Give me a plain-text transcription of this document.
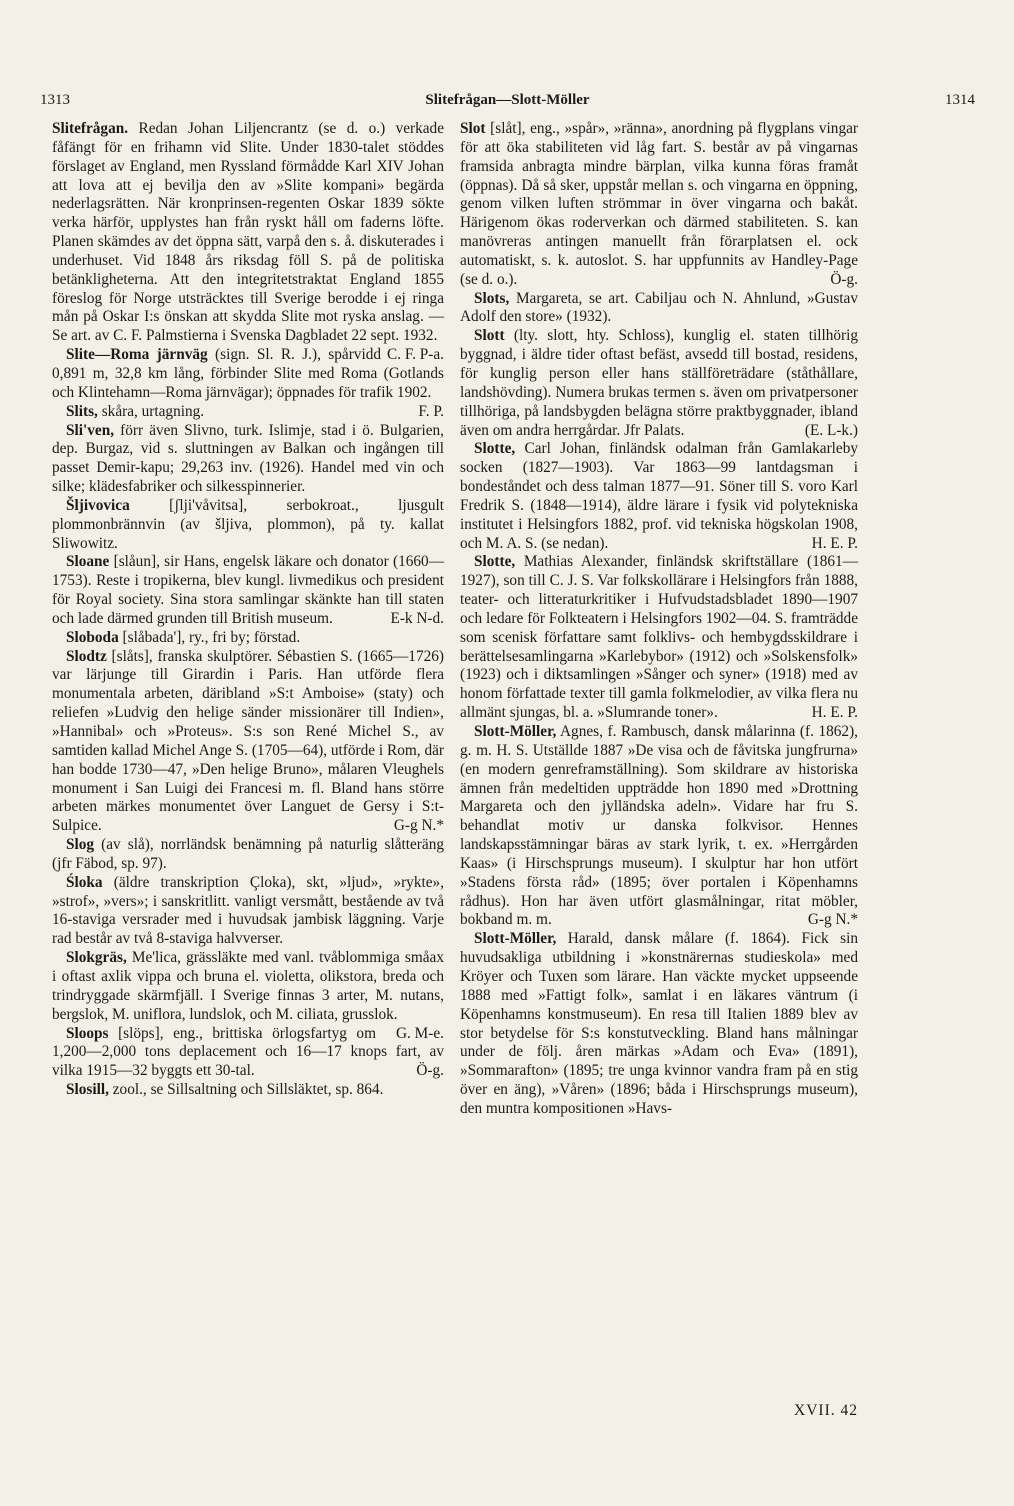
1313	Slitefrågan—Slott-Möller	1314

Slitefrågan. Redan Johan Liljencrantz (se d. o.) verkade fåfängt för en frihamn vid Slite. Under 1830-talet stöddes förslaget av England, men Ryssland förmådde Karl XIV Johan att lova att ej bevilja den av »Slite kompani» begärda nederlagsrätten. När kronprinsen-regenten Oskar 1839 sökte verka härför, upplystes han från ryskt håll om faderns löfte. Planen skämdes av det öppna sätt, varpå den s. å. diskuterades i underhuset. Vid 1848 års riksdag föll S. på de politiska betänkligheterna. Att den integritetstraktat England 1855 föreslog för Norge utsträcktes till Sverige berodde i ej ringa mån på Oskar I:s önskan att skydda Slite mot ryska anslag. — Se art. av C. F. Palmstierna i Svenska Dagbladet 22 sept. 1932.
C. F. P-a.

Slite—Roma järnväg (sign. Sl. R. J.), spårvidd 0,891 m, 32,8 km lång, förbinder Slite med Roma (Gotlands och Klintehamn—Roma järnvägar); öppnades för trafik 1902.
F. P.

Slits, skåra, urtagning.

Sli'ven, förr även Slivno, turk. Islimje, stad i ö. Bulgarien, dep. Burgaz, vid s. sluttningen av Balkan och ingången till passet Demir-kapu; 29,263 inv. (1926). Handel med vin och silke; klädesfabriker och silkesspinnerier.

Šljivovica [ʃlji'våvitsa], serbokroat., ljusgult plommonbrännvin (av šljiva, plommon), på ty. kallat Sliwowitz.

Sloane [slåun], sir Hans, engelsk läkare och donator (1660—1753). Reste i tropikerna, blev kungl. livmedikus och president för Royal society. Sina stora samlingar skänkte han till staten och lade därmed grunden till British museum.	E-k N-d.

Sloboda [slåbada'], ry., fri by; förstad.

Slodtz [slåts], franska skulptörer. Sébastien S. (1665—1726) var lärjunge till Girardin i Paris. Han utförde flera monumentala arbeten, däribland »S:t Amboise» (staty) och reliefen »Ludvig den helige sänder missionärer till Indien», »Hannibal» och »Proteus». S:s son René Michel S., av samtiden kallad Michel Ange S. (1705—64), utförde i Rom, där han bodde 1730—47, »Den helige Bruno», målaren Vleughels monument i San Luigi dei Francesi m. fl. Bland hans större arbeten märkes monumentet över Languet de Gersy i S:t-Sulpice.	G-g N.*

Slog (av slå), norrländsk benämning på naturlig slåtteräng (jfr Fäbod, sp. 97).

Śloka (äldre transkription Çloka), skt, »ljud», »rykte», »strof», »vers»; i sanskritlitt. vanligt versmått, bestående av två 16-staviga versrader med i huvudsak jambisk läggning. Varje rad består av två 8-staviga halvverser.

Slokgräs, Me'lica, grässläkte med vanl. tvåblommiga småax i oftast axlik vippa och bruna el. violetta, olikstora, breda och trindryggade skärmfjäll. I Sverige finnas 3 arter, M. nutans, bergslok, M. uniflora, lundslok, och M. ciliata, grusslok.
G. M-e.

Sloops [slöps], eng., brittiska örlogsfartyg om 1,200—2,000 tons deplacement och 16—17 knops fart, av vilka 1915—32 byggts ett 30-tal.	Ö-g.

Slosill, zool., se Sillsaltning och Sillsläktet, sp. 864.

Slot [slåt], eng., »spår», »ränna», anordning på flygplans vingar för att öka stabiliteten vid låg fart. S. består av på vingarnas framsida anbragta mindre bärplan, vilka kunna föras framåt (öppnas). Då så sker, uppstår mellan s. och vingarna en öppning, genom vilken luften strömmar in över vingarna och bakåt. Härigenom ökas roderverkan och därmed stabiliteten. S. kan manövreras antingen manuellt från förarplatsen el. ock automatiskt, s. k. autoslot. S. har uppfunnits av Handley-Page (se d. o.).	Ö-g.

Slots, Margareta, se art. Cabiljau och N. Ahnlund, »Gustav Adolf den store» (1932).

Slott (lty. slott, hty. Schloss), kunglig el. staten tillhörig byggnad, i äldre tider oftast befäst, avsedd till bostad, residens, för kunglig person eller hans ställföreträdare (ståthållare, landshövding). Numera brukas termen s. även om privatpersoner tillhöriga, på landsbygden belägna större praktbyggnader, ibland även om andra herrgårdar. Jfr Palats.	(E. L-k.)

Slotte, Carl Johan, finländsk odalman från Gamlakarleby socken (1827—1903). Var 1863—99 lantdagsman i bondeståndet och dess talman 1877—91. Söner till S. voro Karl Fredrik S. (1848—1914), äldre lärare i fysik vid polytekniska institutet i Helsingfors 1882, prof. vid tekniska högskolan 1908, och M. A. S. (se nedan).	H. E. P.

Slotte, Mathias Alexander, finländsk skriftställare (1861—1927), son till C. J. S. Var folkskollärare i Helsingfors från 1888, teater- och litteraturkritiker i Hufvudstadsbladet 1890—1907 och ledare för Folkteatern i Helsingfors 1902—04. S. framträdde som scenisk författare samt folklivs- och hembygdsskildrare i berättelsesamlingarna »Karlebybor» (1912) och »Solskensfolk» (1923) och i diktsamlingen »Sånger och syner» (1918) med av honom författade texter till gamla folkmelodier, av vilka flera nu allmänt sjungas, bl. a. »Slumrande toner».	H. E. P.

Slott-Möller, Agnes, f. Rambusch, dansk målarinna (f. 1862), g. m. H. S. Utställde 1887 »De visa och de fåvitska jungfrurna» (en modern genreframställning). Som skildrare av historiska ämnen från medeltiden uppträdde hon 1890 med »Drottning Margareta och den jylländska adeln». Vidare har fru S. behandlat motiv ur danska folkvisor. Hennes landskapsstämningar bäras av stark lyrik, t. ex. »Herrgården Kaas» (i Hirschsprungs museum). I skulptur har hon utfört »Stadens första råd» (1895; över portalen i Köpenhamns rådhus). Hon har även utfört glasmålningar, ritat möbler, bokband m. m.	G-g N.*

Slott-Möller, Harald, dansk målare (f. 1864). Fick sin huvudsakliga utbildning i »konstnärernas studieskola» med Kröyer och Tuxen som lärare. Han väckte mycket uppseende 1888 med »Fattigt folk», samlat i en läkares väntrum (i Köpenhamns konstmuseum). En resa till Italien 1889 blev av stor betydelse för S:s konstutveckling. Bland hans målningar under de följ. åren märkas »Adam och Eva» (1891), »Sommarafton» (1895; tre unga kvinnor vandra fram på en stig över en äng), »Våren» (1896; båda i Hirschsprungs museum), den muntra kompositionen »Havs-

XVII. 42
